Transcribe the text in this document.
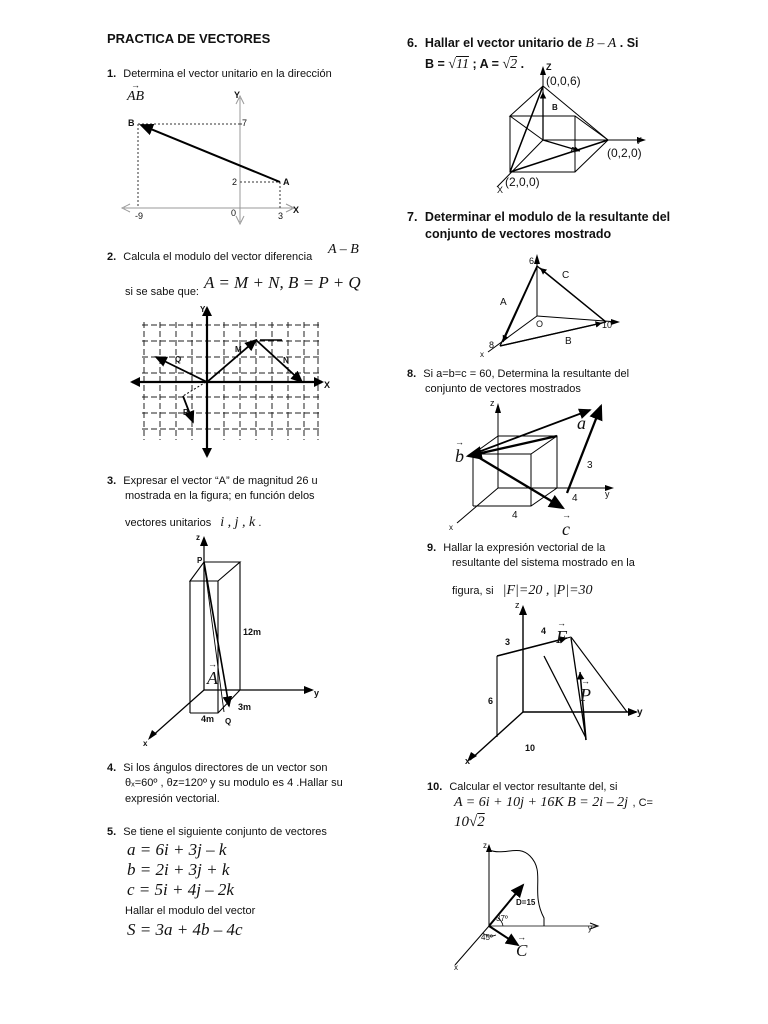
PRACTICA DE VECTORES
1. Determina el vector unitario en la dirección
→ AB
B
A
Y
X
7
2
-9	0	3
2. Calcula el modulo del vector diferencia A – B
si se sabe que: A = M + N, B = P + Q
Y
X
Q
M
N
P
3. Expresar el vector “A” de magnitud 26 u
mostrada en la figura; en función delos
vectores unitarios i , j , k .
z
P
12m
→ A
y
x
4m Q
3m
4. Si los ángulos directores de un vector son
θₓ=60º , θz=120º y su modulo es 4 .Hallar su
expresión vectorial.
5. Se tiene el siguiente conjunto de vectores
a = 6i + 3j – k
b = 2i + 3j + k
c = 5i + 4j – 2k
Hallar el modulo del vector
S = 3a + 4b – 4c
6. Hallar el vector unitario de B – A . Si
B = √11 ; A = √2 . Z
(0,0,6)
y
(0,2,0)
X
(2,0,0)
B
A
7. Determinar el modulo de la resultante del
conjunto de vectores mostrado
6
C
A
O	10
8	B
x
8. Si a=b=c = 60, Determina la resultante del
conjunto de vectores mostrados
z
→ a
→ b
→ c
3
4
4
y
x
9. Hallar la expresión vectorial de la
resultante del sistema mostrado en la
figura, si |F|=20 , |P|=30
z
3
4 → F
→ P
6
10
y
x
10. Calcular el vector resultante del, si
A = 6i + 10j + 16K B = 2i – 2j , C=
10√2
z
D=15
37º
45º
y
x
→ C
